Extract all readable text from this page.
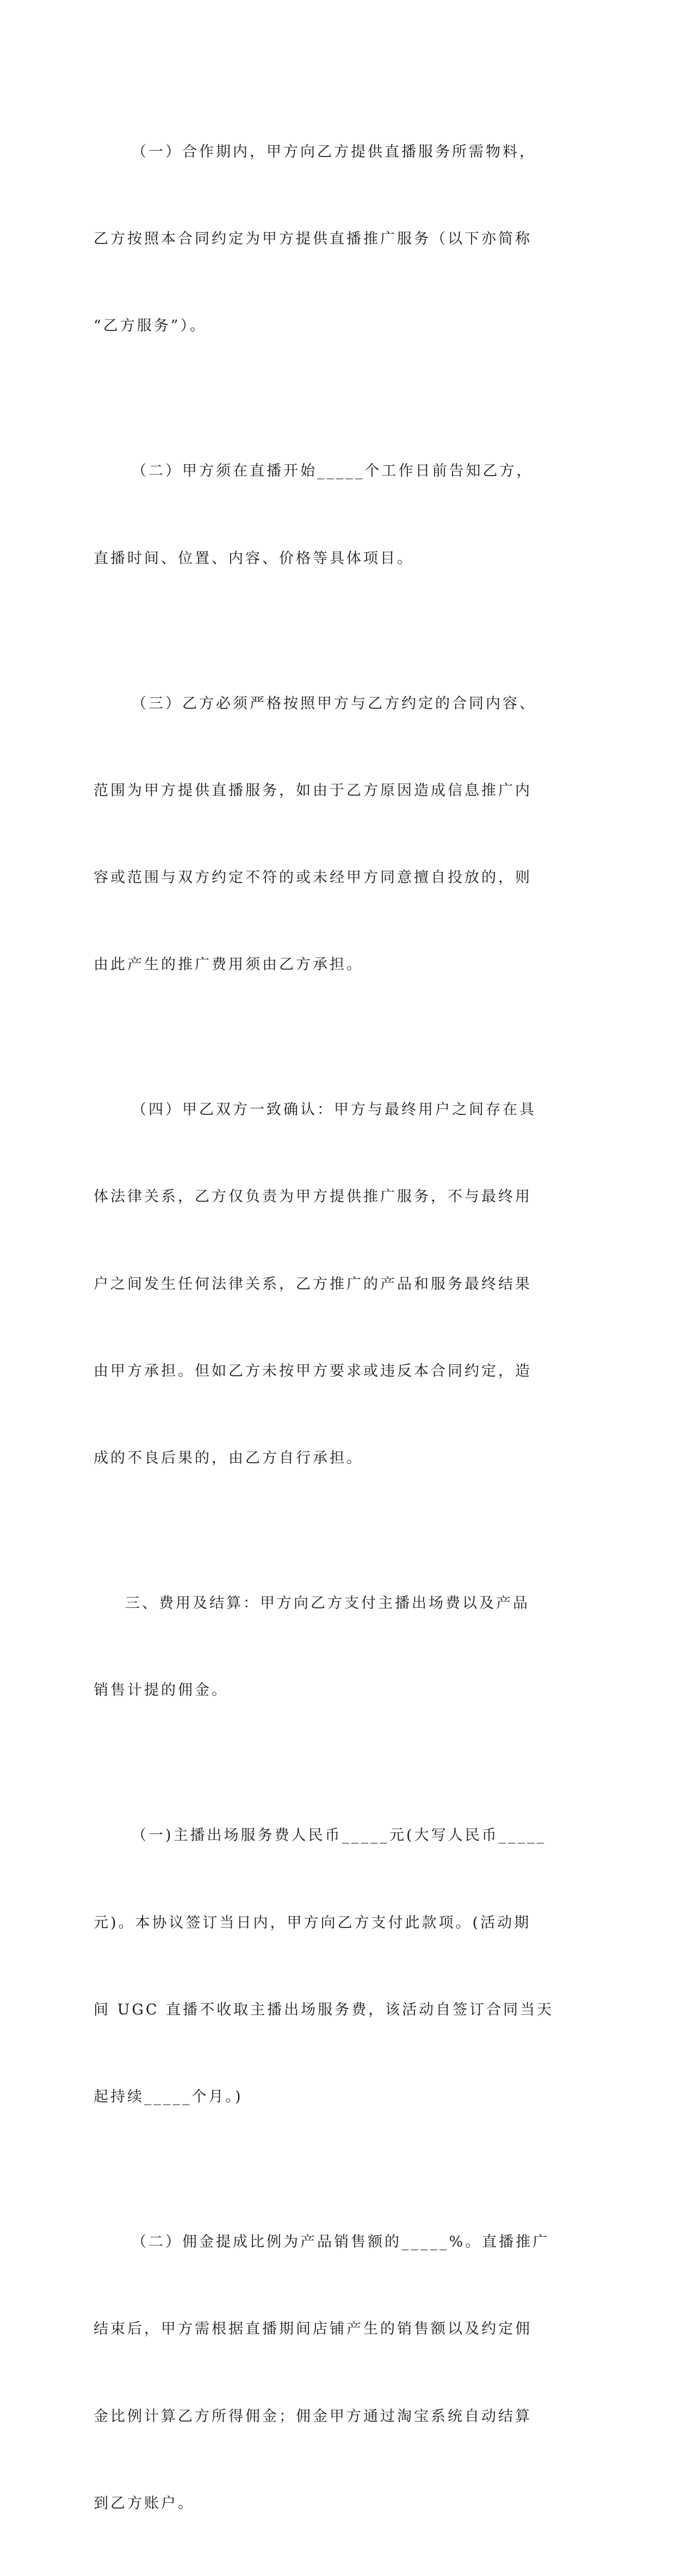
（一）合作期内，甲方向乙方提供直播服务所需物料，

乙方按照本合同约定为甲方提供直播推广服务（以下亦简称

“乙方服务”）。

（二）甲方须在直播开始_____个工作日前告知乙方，

直播时间、位置、内容、价格等具体项目。

（三）乙方必须严格按照甲方与乙方约定的合同内容、

范围为甲方提供直播服务，如由于乙方原因造成信息推广内

容或范围与双方约定不符的或未经甲方同意擅自投放的，则

由此产生的推广费用须由乙方承担。

（四）甲乙双方一致确认：甲方与最终用户之间存在具

体法律关系，乙方仅负责为甲方提供推广服务，不与最终用

户之间发生任何法律关系，乙方推广的产品和服务最终结果

由甲方承担。但如乙方未按甲方要求或违反本合同约定，造

成的不良后果的，由乙方自行承担。

三、费用及结算：甲方向乙方支付主播出场费以及产品

销售计提的佣金。

（一)主播出场服务费人民币_____元(大写人民币_____

元)。本协议签订当日内，甲方向乙方支付此款项。(活动期

间 UGC 直播不收取主播出场服务费，该活动自签订合同当天

起持续_____个月。)

（二）佣金提成比例为产品销售额的_____%。直播推广

结束后，甲方需根据直播期间店铺产生的销售额以及约定佣

金比例计算乙方所得佣金；佣金甲方通过淘宝系统自动结算

到乙方账户。
